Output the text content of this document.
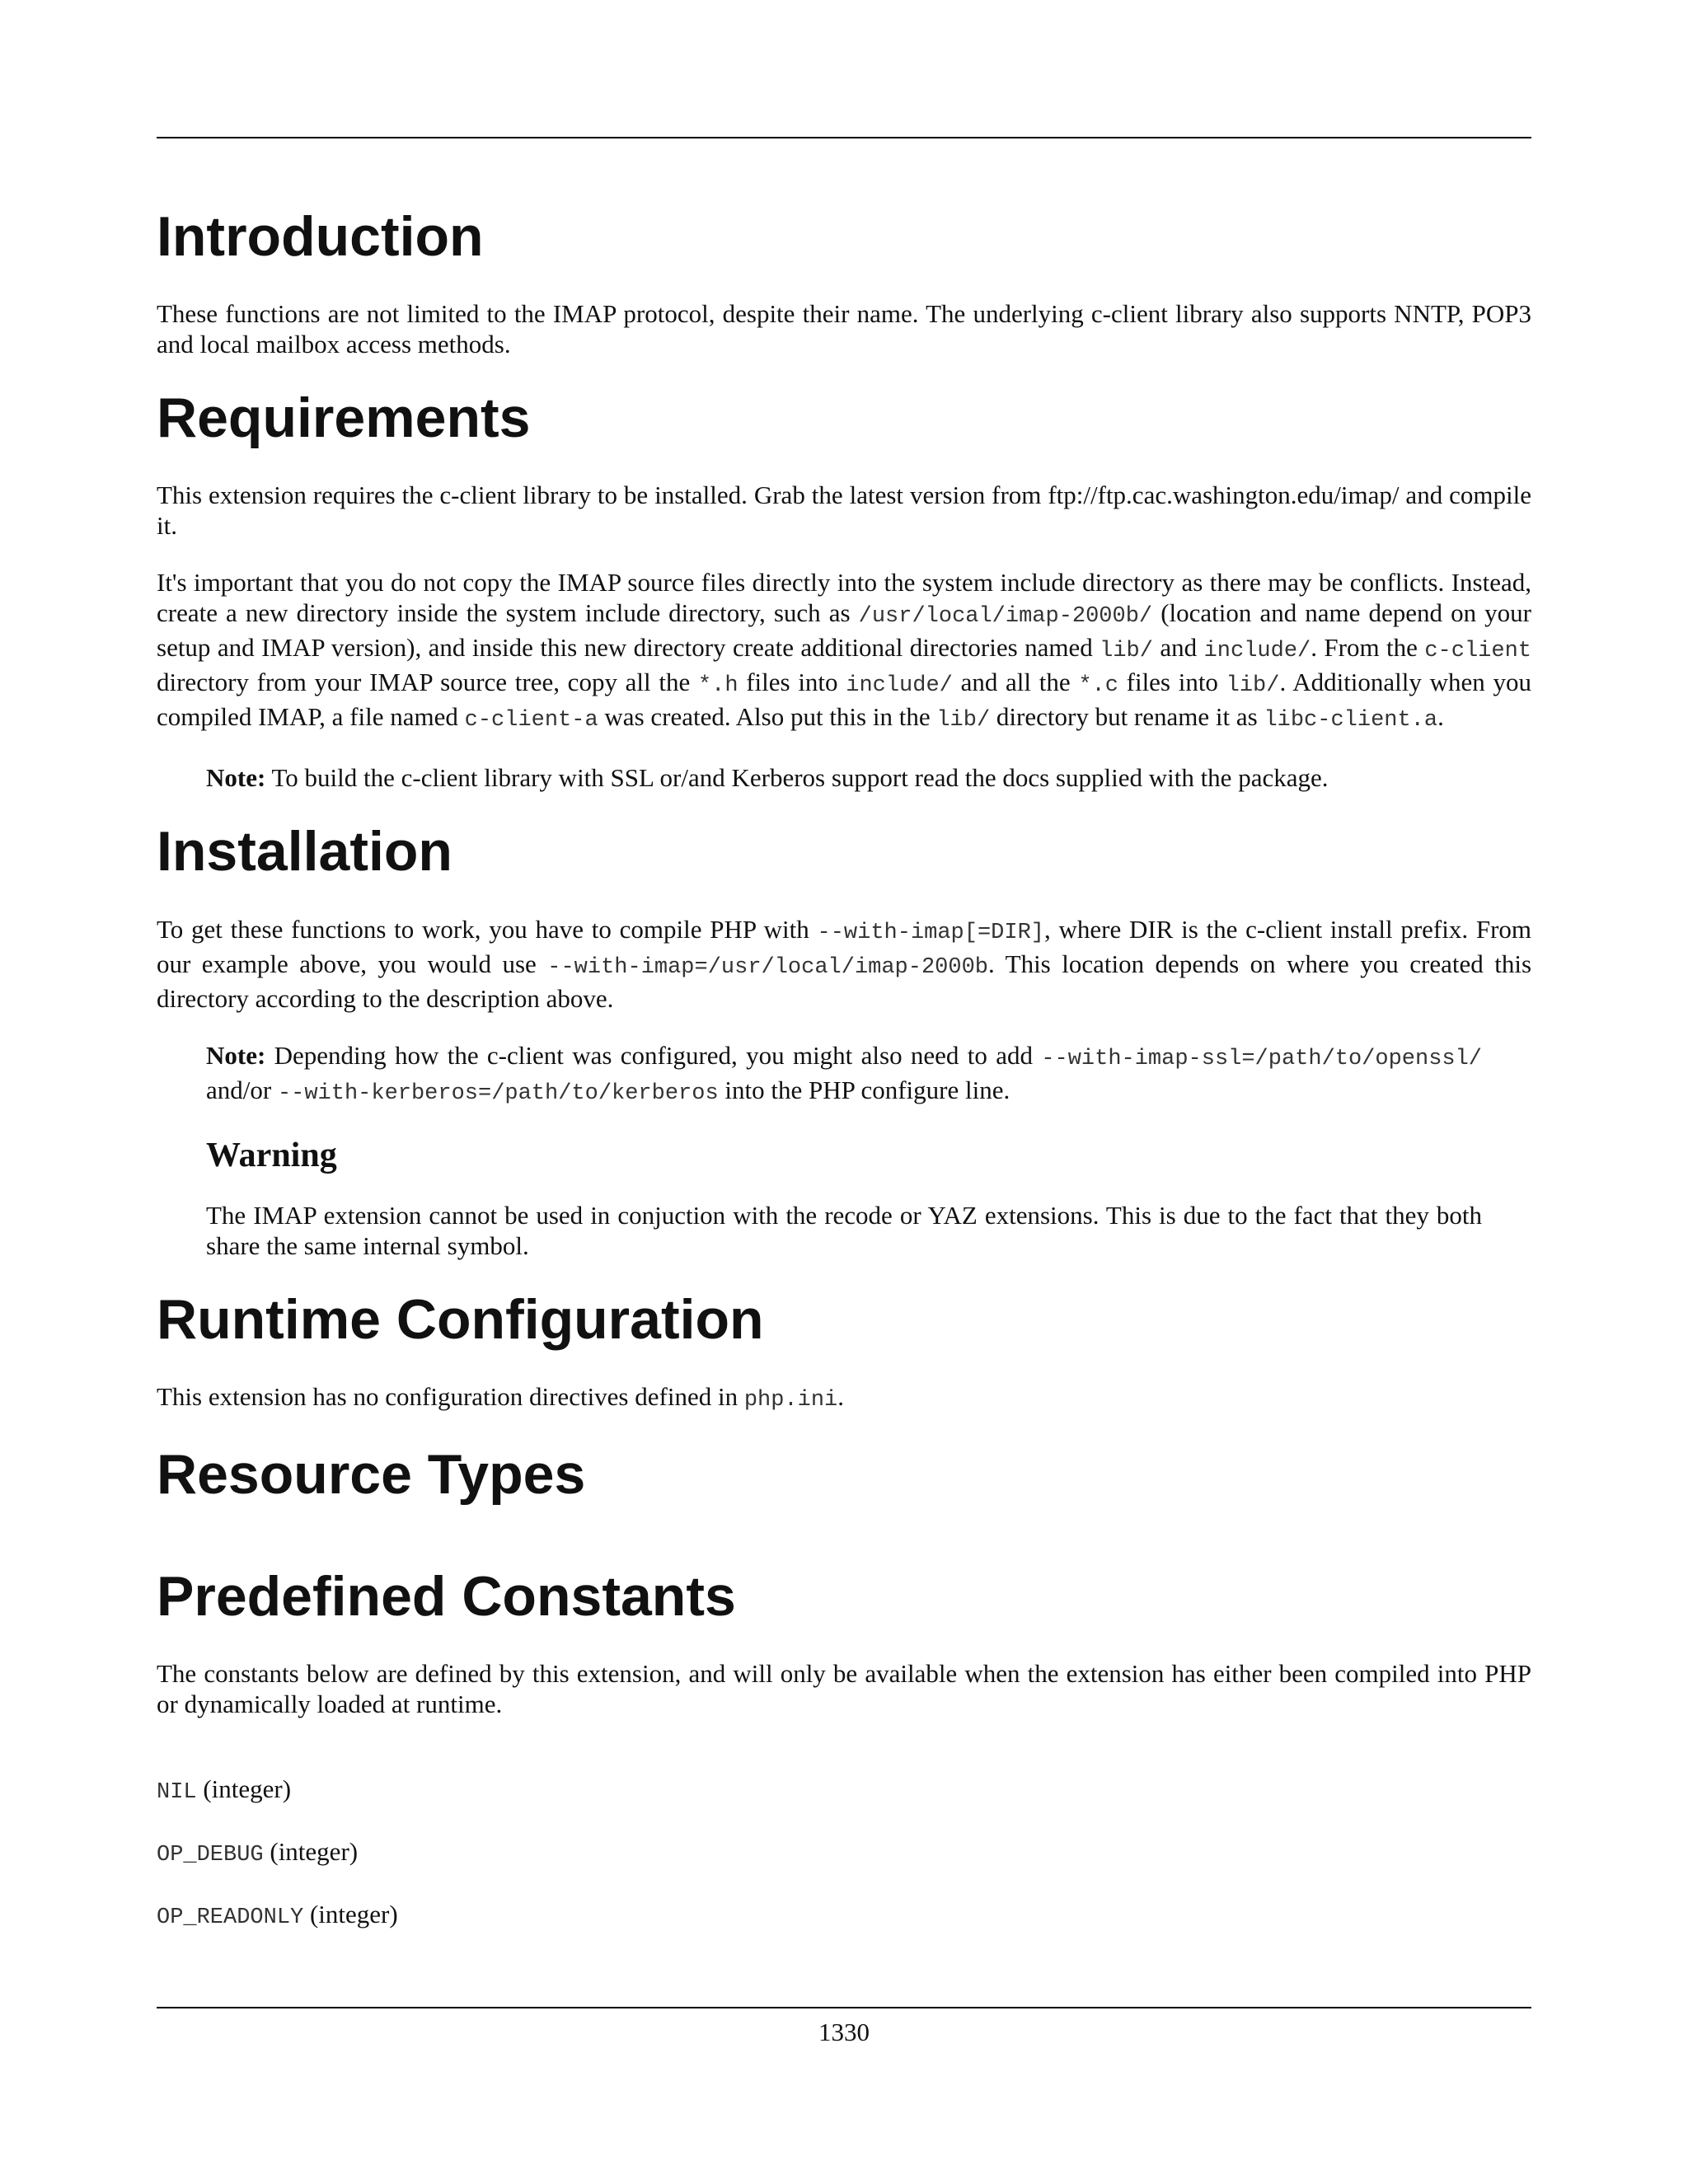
Introduction

These functions are not limited to the IMAP protocol, despite their name. The underlying c-client library also supports NNTP, POP3 and local mailbox access methods.

Requirements

This extension requires the c-client library to be installed. Grab the latest version from ftp://ftp.cac.washington.edu/imap/ and compile it.

It's important that you do not copy the IMAP source files directly into the system include directory as there may be conflicts. Instead, create a new directory inside the system include directory, such as /usr/local/imap-2000b/ (location and name depend on your setup and IMAP version), and inside this new directory create additional directories named lib/ and include/. From the c-client directory from your IMAP source tree, copy all the *.h files into include/ and all the *.c files into lib/. Additionally when you compiled IMAP, a file named c-client-a was created. Also put this in the lib/ directory but rename it as libc-client.a.

Note: To build the c-client library with SSL or/and Kerberos support read the docs supplied with the package.

Installation

To get these functions to work, you have to compile PHP with --with-imap[=DIR], where DIR is the c-client install prefix. From our example above, you would use --with-imap=/usr/local/imap-2000b. This location depends on where you created this directory according to the description above.

Note: Depending how the c-client was configured, you might also need to add --with-imap-ssl=/path/to/openssl/ and/or --with-kerberos=/path/to/kerberos into the PHP configure line.

Warning

The IMAP extension cannot be used in conjuction with the recode or YAZ extensions. This is due to the fact that they both share the same internal symbol.

Runtime Configuration

This extension has no configuration directives defined in php.ini.

Resource Types
Predefined Constants

The constants below are defined by this extension, and will only be available when the extension has either been compiled into PHP or dynamically loaded at runtime.

NIL (integer)
OP_DEBUG (integer)
OP_READONLY (integer)
1330
